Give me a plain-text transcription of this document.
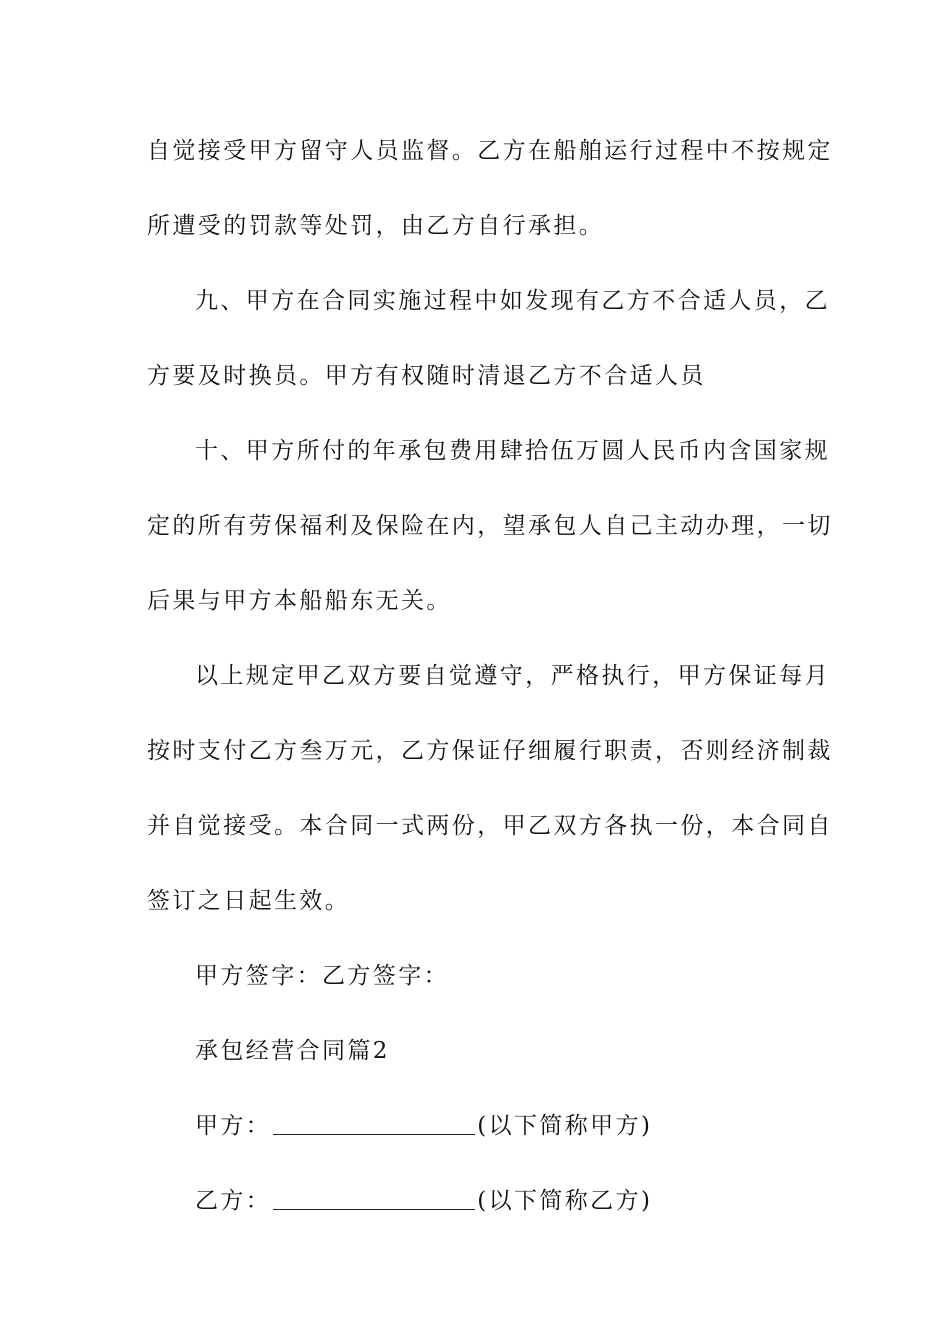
自觉接受甲方留守人员监督。乙方在船舶运行过程中不按规定
所遭受的罚款等处罚，由乙方自行承担。
九、甲方在合同实施过程中如发现有乙方不合适人员，乙
方要及时换员。甲方有权随时清退乙方不合适人员
十、甲方所付的年承包费用肆拾伍万圆人民币内含国家规
定的所有劳保福利及保险在内，望承包人自己主动办理，一切
后果与甲方本船船东无关。
以上规定甲乙双方要自觉遵守，严格执行，甲方保证每月
按时支付乙方叁万元，乙方保证仔细履行职责，否则经济制裁
并自觉接受。本合同一式两份，甲乙双方各执一份，本合同自
签订之日起生效。
甲方签字：乙方签字：
承包经营合同篇2
甲方：	(以下简称甲方)
乙方：	(以下简称乙方)
